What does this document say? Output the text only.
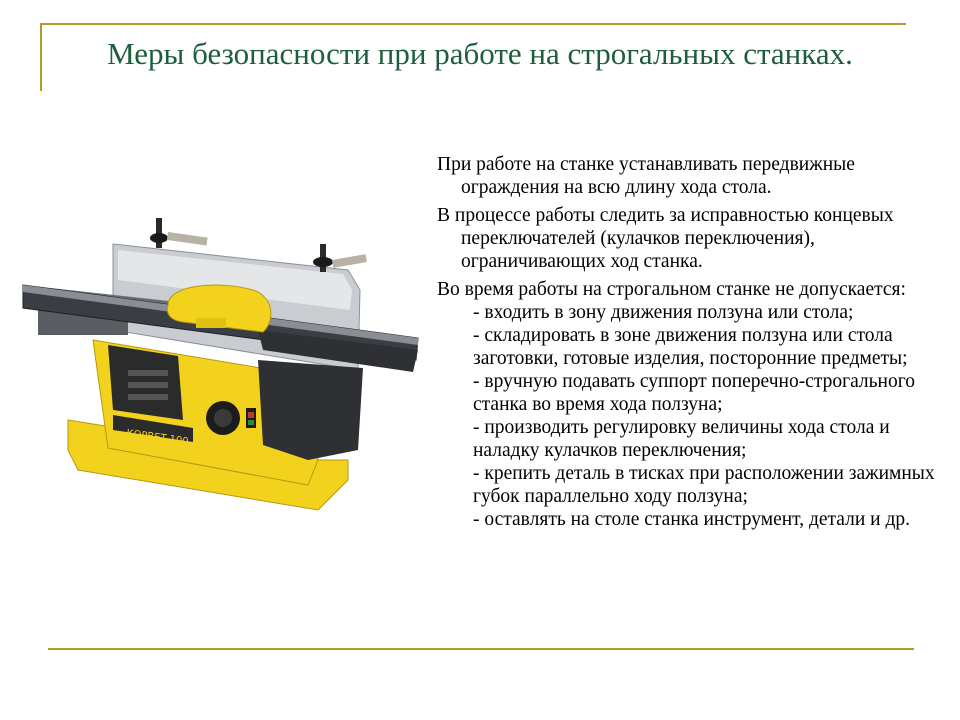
Меры безопасности при работе на строгальных станках.

При работе на станке устанавливать передвижные ограждения на всю длину хода стола.

В процессе работы следить за исправностью концевых переключателей (кулачков переключения), ограничивающих ход станка.

Во время работы на строгальном станке не допускается:

- входить в зону движения ползуна или стола;

- складировать в зоне движения ползуна или стола заготовки, готовые изделия, посторонние предметы;

- вручную подавать суппорт поперечно-строгального станка во время хода ползуна;

- производить регулировку величины хода стола и наладку кулачков переключения;

- крепить деталь в тисках при расположении зажимных губок параллельно ходу ползуна;

- оставлять на столе станка инструмент, детали и др.

КОРВЕТ 100
